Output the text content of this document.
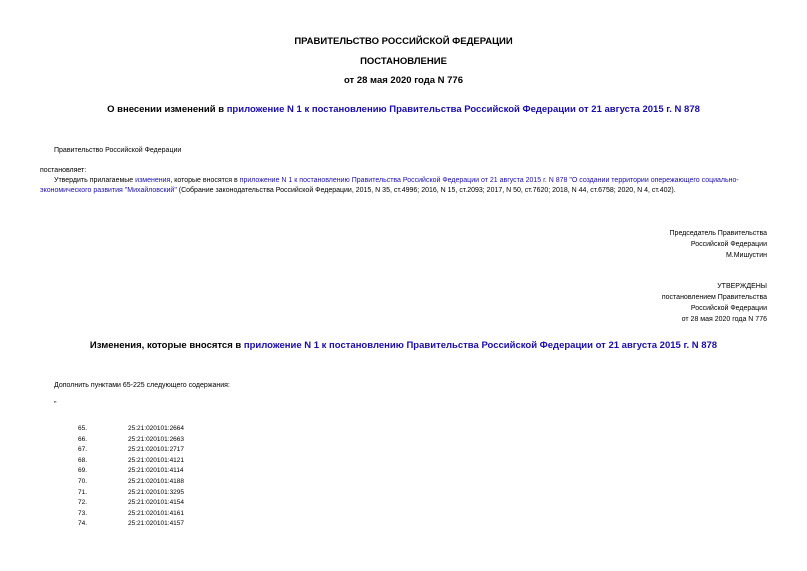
ПРАВИТЕЛЬСТВО РОССИЙСКОЙ ФЕДЕРАЦИИ
ПОСТАНОВЛЕНИЕ
от 28 мая 2020 года N 776
О внесении изменений в приложение N 1 к постановлению Правительства Российской Федерации от 21 августа 2015 г. N 878
Правительство Российской Федерации
постановляет:
Утвердить прилагаемые изменения, которые вносятся в приложение N 1 к постановлению Правительства Российской Федерации от 21 августа 2015 г. N 878 "О создании территории опережающего социально-экономического развития "Михайловский" (Собрание законодательства Российской Федерации, 2015, N 35, ст.4996; 2016, N 15, ст.2093; 2017, N 50, ст.7620; 2018, N 44, ст.6758; 2020, N 4, ст.402).
Председатель Правительства
Российской Федерации
М.Мишустин
УТВЕРЖДЕНЫ
постановлением Правительства
Российской Федерации
от 28 мая 2020 года N 776
Изменения, которые вносятся в приложение N 1 к постановлению Правительства Российской Федерации от 21 августа 2015 г. N 878
Дополнить пунктами 65-225 следующего содержания:
"
65.	25:21:020101:2664
66.	25:21:020101:2663
67.	25:21:020101:2717
68.	25:21:020101:4121
69.	25:21:020101:4114
70.	25:21:020101:4188
71.	25:21:020101:3295
72.	25:21:020101:4154
73.	25:21:020101:4161
74.	25:21:020101:4157
